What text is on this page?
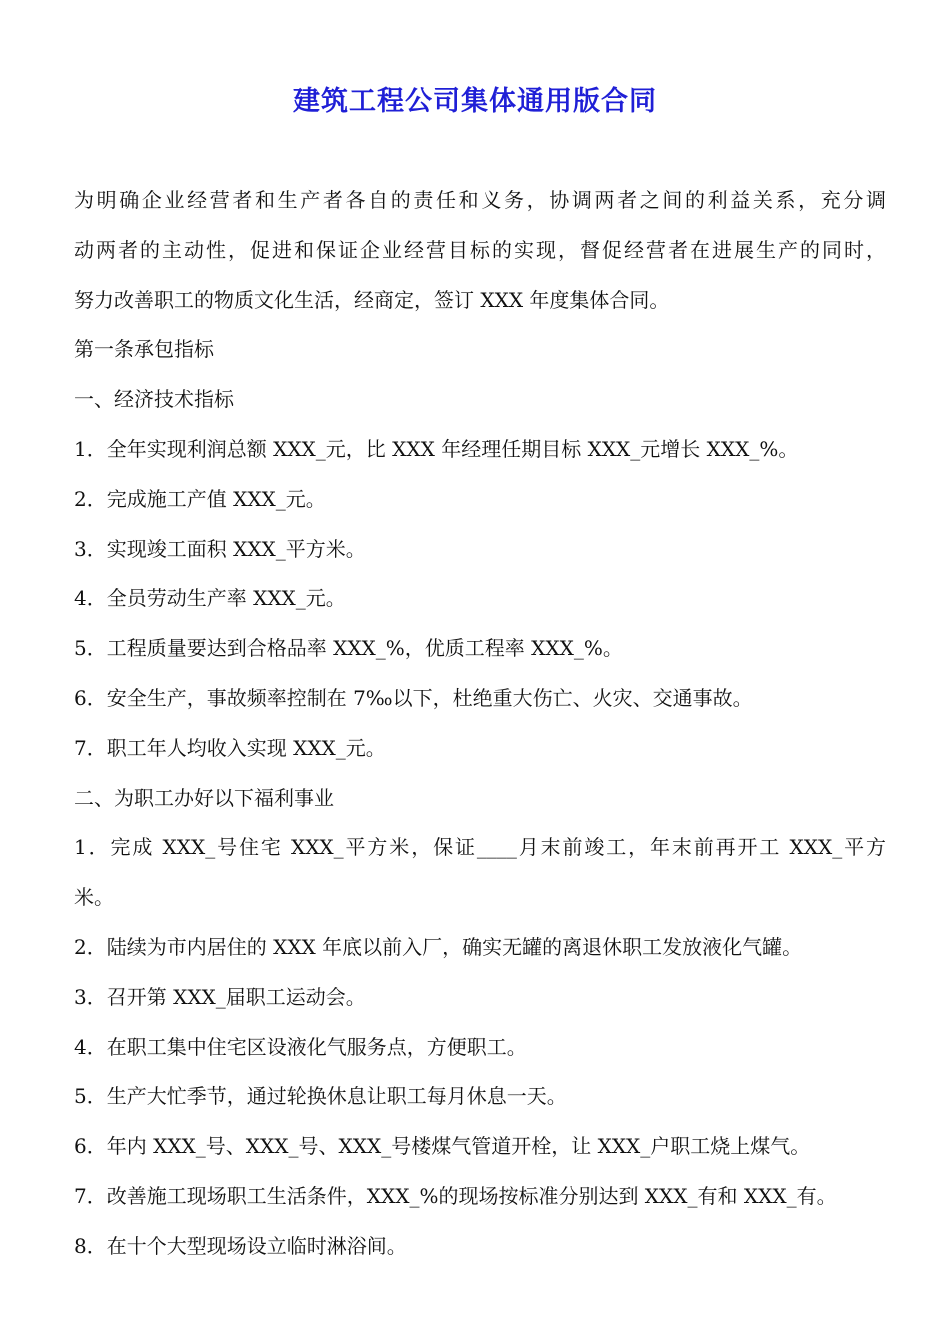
建筑工程公司集体通用版合同
为明确企业经营者和生产者各自的责任和义务，协调两者之间的利益关系，充分调
动两者的主动性，促进和保证企业经营目标的实现，督促经营者在进展生产的同时，
努力改善职工的物质文化生活，经商定，签订 XXX 年度集体合同。
第一条承包指标
一、经济技术指标
1．全年实现利润总额 XXX_元，比 XXX 年经理任期目标 XXX_元增长 XXX_%。
2．完成施工产值 XXX_元。
3．实现竣工面积 XXX_平方米。
4．全员劳动生产率 XXX_元。
5．工程质量要达到合格品率 XXX_%，优质工程率 XXX_%。
6．安全生产，事故频率控制在 7‰以下，杜绝重大伤亡、火灾、交通事故。
7．职工年人均收入实现 XXX_元。
二、为职工办好以下福利事业
1．完成 XXX_号住宅 XXX_平方米，保证____月末前竣工，年末前再开工 XXX_平方
米。
2．陆续为市内居住的 XXX 年底以前入厂，确实无罐的离退休职工发放液化气罐。
3．召开第 XXX_届职工运动会。
4．在职工集中住宅区设液化气服务点，方便职工。
5．生产大忙季节，通过轮换休息让职工每月休息一天。
6．年内 XXX_号、XXX_号、XXX_号楼煤气管道开栓，让 XXX_户职工烧上煤气。
7．改善施工现场职工生活条件，XXX_%的现场按标准分别达到 XXX_有和 XXX_有。
8．在十个大型现场设立临时淋浴间。
